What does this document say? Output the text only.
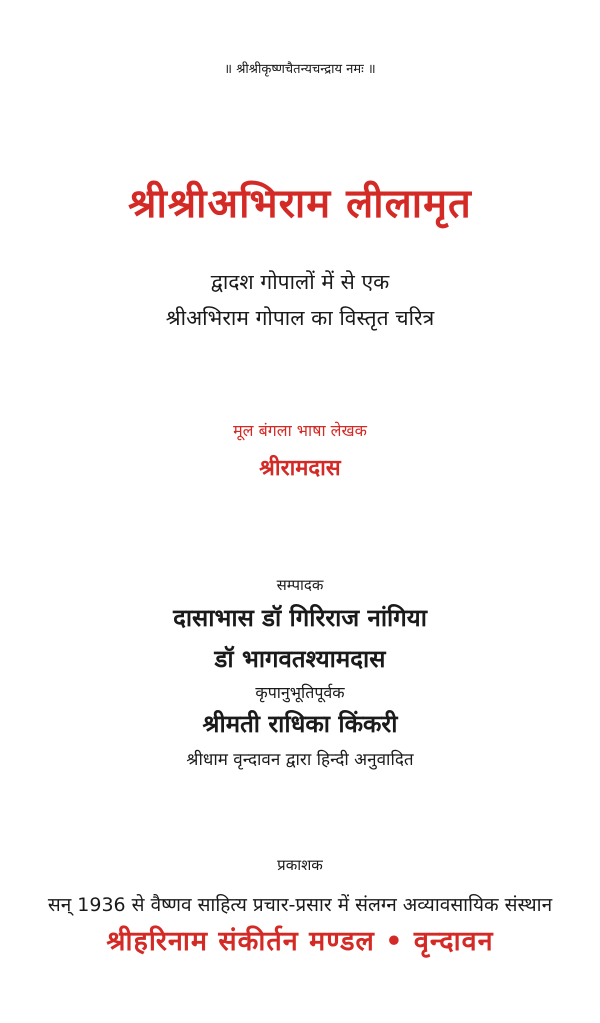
॥ श्रीश्रीकृष्णचैतन्यचन्द्राय नमः ॥
श्रीश्रीअभिराम लीलामृत
द्वादश गोपालों में से एक
श्रीअभिराम गोपाल का विस्तृत चरित्र
मूल बंगला भाषा लेखक
श्रीरामदास
सम्पादक
दासाभास डॉ गिरिराज नांगिया
डॉ भागवतश्यामदास
कृपानुभूतिपूर्वक
श्रीमती राधिका किंकरी
श्रीधाम वृन्दावन द्वारा हिन्दी अनुवादित
प्रकाशक
सन् 1936 से वैष्णव साहित्य प्रचार-प्रसार में संलग्न अव्यावसायिक संस्थान
श्रीहरिनाम संकीर्तन मण्डल • वृन्दावन
